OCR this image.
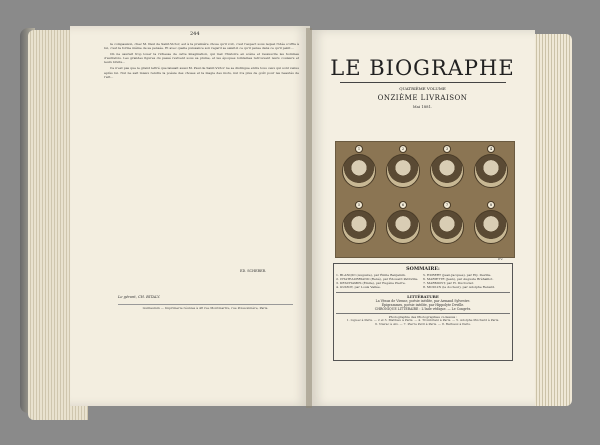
244

la compassion, chez M. Paul de Saint-Victor, est à la première chose qu'il voit, c'est l'aspect sous lequel l'idée s'offre à lui, c'est la forme même de sa pensée. Et avec quelle puissance son regard se saisit-il ce qu'il pense dans ce qu'il peint...

On ne saurait trop louer la richesse de cette imagination, qui met l'histoire en scène et ressuscite les hommes d'autrefois. Les grandes figures du passé revivent sous sa plume, et les époques lointaines retrouvent leurs couleurs et leurs bruits...

Ce n'est pas que le grand lettré que laissait aussi M. Paul de Saint-Victor ne se distingue entre tous ceux qui sont venus après lui. Nul ne sait mieux rendre la poésie des choses et la magie des mots, nul n'a plus de goût pour les beautés de l'art...

ED. SCHERER.
Le gérant, CH. BITALY.
Guillaumin — Imprimerie réunies à 48 rue Montmartre, rue Poissonnière, Paris.
LE BIOGRAPHE
QUATRIÈME VOLUME
ONZIÈME LIVRAISON
Mai 1881.
1	2	3	4
5	6	7	8
P.V.
SOMMAIRE:
1. BLANQUI (Auguste), par Émile Benjamin.
2. CHATEAUBRIAND (René), par Édouard Petitville.
3. DESCHAMPS (Émile), par Eugène Pierre.
4. GUIZOT, par Louis Vallée.
5. HUBERT (Jean-Jacques), par Ely. Deville.
6. MARIETTE (Jean), par Auguste Bréhaillot.
7. MARMONT, par H. Ducrozier.
8. MOULIN (le docteur), par Adolphe Renard.
LITTÉRATURE
La Vénus de Vienne, poésie inédite, par Armand Sylvestre.
Épigrammes, poésie inédite, par Hippolyte Deville.
CHRONIQUE LITTÉRAIRE : L'Inde védique. — Le Congrès.
Photographie des Photographies ci-dessus :
1. Liguez à Paris. — 2 et 3. Mathieu à Paris. — 4. Trombitani à Paris. — 5. Adolphe Pinchard à Paris.
6. Nierac à Aix. — 7. Pierre Petit à Paris. — 8. Barbaux à Paris.
